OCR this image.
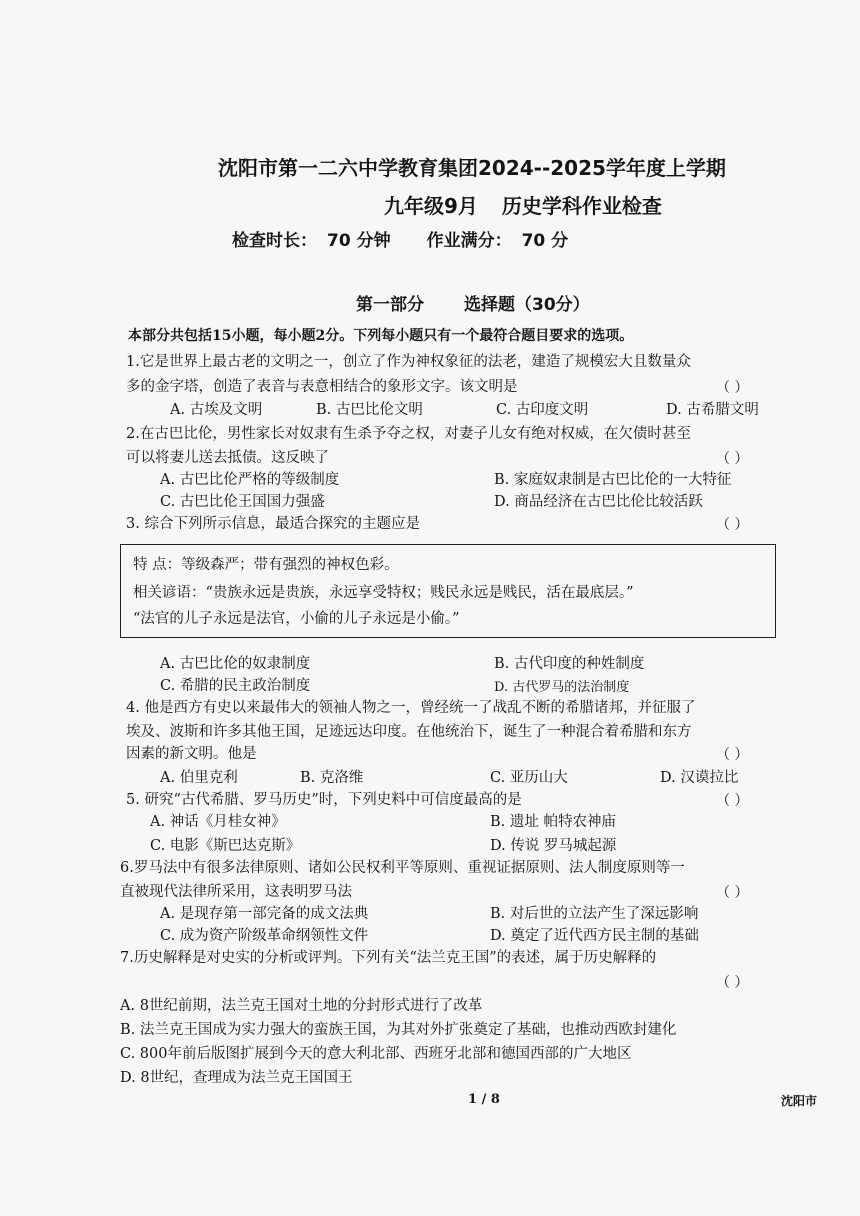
沈阳市第一二六中学教育集团2024--2025学年度上学期
九年级9月 历史学科作业检查
检查时长： 70 分钟 作业满分： 70 分
第一部分 选择题（30分）
本部分共包括15小题，每小题2分。下列每小题只有一个最符合题目要求的选项。
1.它是世界上最古老的文明之一，创立了作为神权象征的法老，建造了规模宏大且数量众
多的金字塔，创造了表音与表意相结合的象形文字。该文明是	（ ）
A. 古埃及文明	B. 古巴比伦文明	C. 古印度文明	D. 古希腊文明
2.在古巴比伦，男性家长对奴隶有生杀予夺之权，对妻子儿女有绝对权威，在欠债时甚至
可以将妻儿送去抵债。这反映了	（ ）
A. 古巴比伦严格的等级制度	B. 家庭奴隶制是古巴比伦的一大特征
C. 古巴比伦王国国力强盛	D. 商品经济在古巴比伦比较活跃
3. 综合下列所示信息，最适合探究的主题应是	（ ）
特 点：等级森严；带有强烈的神权色彩。
相关谚语：“贵族永远是贵族，永远享受特权；贱民永远是贱民，活在最底层。”
“法官的儿子永远是法官，小偷的儿子永远是小偷。”
A. 古巴比伦的奴隶制度	B. 古代印度的种姓制度
C. 希腊的民主政治制度	D. 古代罗马的法治制度
4. 他是西方有史以来最伟大的领袖人物之一，曾经统一了战乱不断的希腊诸邦，并征服了
埃及、波斯和许多其他王国，足迹远达印度。在他统治下，诞生了一种混合着希腊和东方
因素的新文明。他是	（ ）
A. 伯里克利	B. 克洛维	C. 亚历山大	D. 汉谟拉比
5. 研究“古代希腊、罗马历史”时，下列史料中可信度最高的是	（ ）
A. 神话《月桂女神》	B. 遗址 帕特农神庙
C. 电影《斯巴达克斯》	D. 传说 罗马城起源
6.罗马法中有很多法律原则、诸如公民权利平等原则、重视证据原则、法人制度原则等一
直被现代法律所采用，这表明罗马法	（ ）
A. 是现存第一部完备的成文法典	B. 对后世的立法产生了深远影响
C. 成为资产阶级革命纲领性文件	D. 奠定了近代西方民主制的基础
7.历史解释是对史实的分析或评判。下列有关“法兰克王国”的表述，属于历史解释的
（ ）
A. 8世纪前期，法兰克王国对土地的分封形式进行了改革
B. 法兰克王国成为实力强大的蛮族王国，为其对外扩张奠定了基础，也推动西欧封建化
C. 800年前后版图扩展到今天的意大利北部、西班牙北部和德国西部的广大地区
D. 8世纪，查理成为法兰克王国国王
1 / 8	沈阳市
